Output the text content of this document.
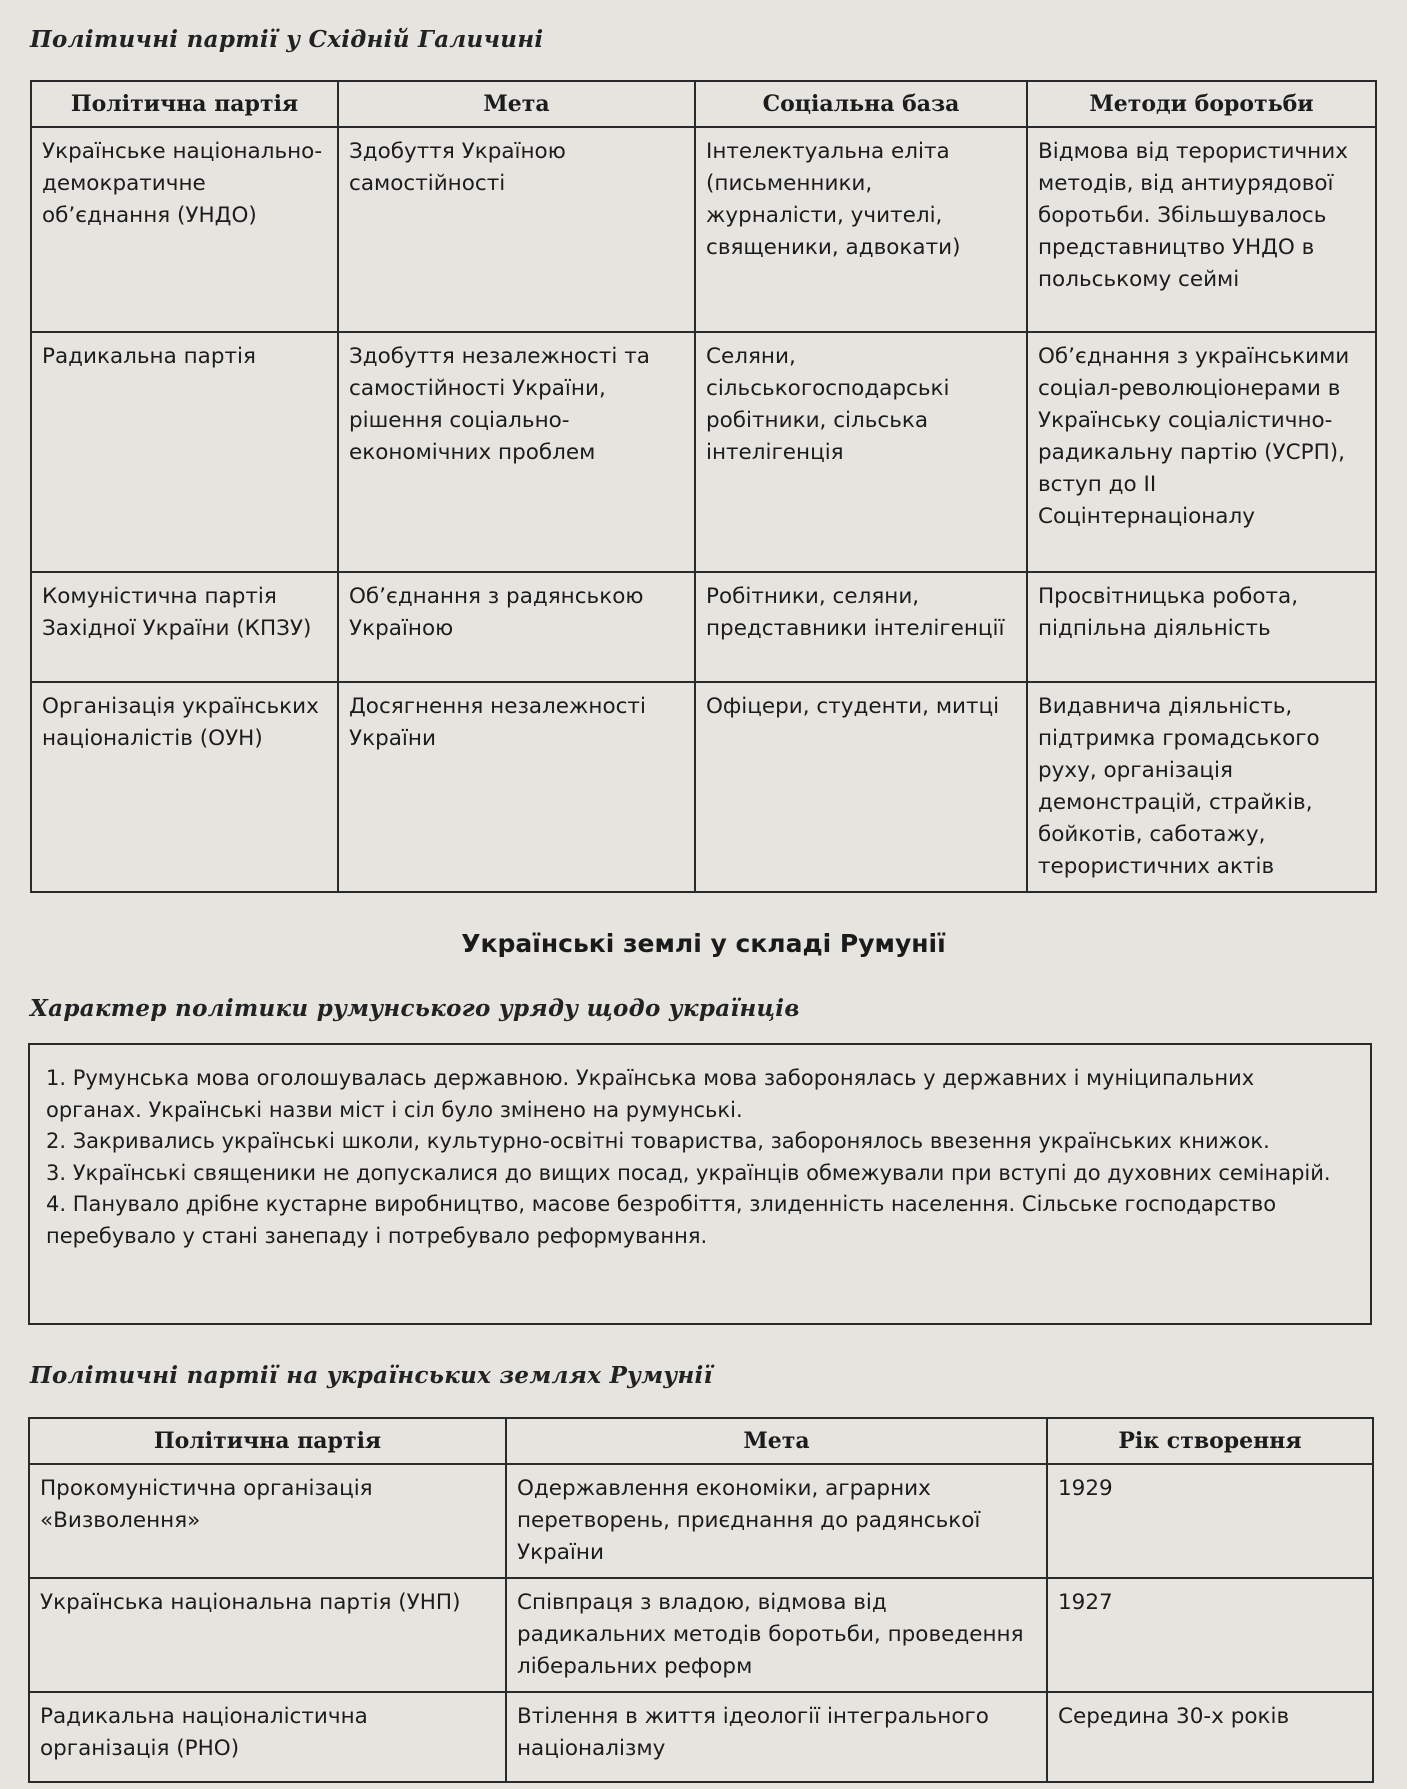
Політичні партії у Східній Галичині
Політична партія	Мета	Соціальна база	Методи боротьби
Українське національно-демократичне об’єднання (УНДО)	Здобуття Україною самостійності	Інтелектуальна еліта (письменники, журналісти, учителі, священики, адвокати)	Відмова від терористичних методів, від антиурядової боротьби. Збільшувалось представництво УНДО в польському сеймі
Радикальна партія	Здобуття незалежності та самостійності України, рішення соціально-економічних проблем	Селяни, сільськогосподарські робітники, сільська інтелігенція	Об’єднання з українськими соціал-революціонерами в Українську соціалістично-радикальну партію (УСРП), вступ до ІІ Соцінтернаціоналу
Комуністична партія Західної України (КПЗУ)	Об’єднання з радянською Україною	Робітники, селяни, представники інтелігенції	Просвітницька робота, підпільна діяльність
Організація українських націоналістів (ОУН)	Досягнення незалежності України	Офіцери, студенти, митці	Видавнича діяльність, підтримка громадського руху, організація демонстрацій, страйків, бойкотів, саботажу, терористичних актів
Українські землі у складі Румунії
Характер політики румунського уряду щодо українців

1. Румунська мова оголошувалась державною. Українська мова заборонялась у державних і муніципальних органах. Українські назви міст і сіл було змінено на румунські.

2. Закривались українські школи, культурно-освітні товариства, заборонялось ввезення українських книжок.

3. Українські священики не допускалися до вищих посад, українців обмежували при вступі до духовних семінарій.

4. Панувало дрібне кустарне виробництво, масове безробіття, злиденність населення. Сільське господарство перебувало у стані занепаду і потребувало реформування.

Політичні партії на українських землях Румунії
Політична партія	Мета	Рік створення
Прокомуністична організація «Визволення»	Одержавлення економіки, аграрних перетворень, приєднання до радянської України	1929
Українська національна партія (УНП)	Співпраця з владою, відмова від радикальних методів боротьби, проведення ліберальних реформ	1927
Радикальна націоналістична організація (РНО)	Втілення в життя ідеології інтегрального націоналізму	Середина 30-х років
